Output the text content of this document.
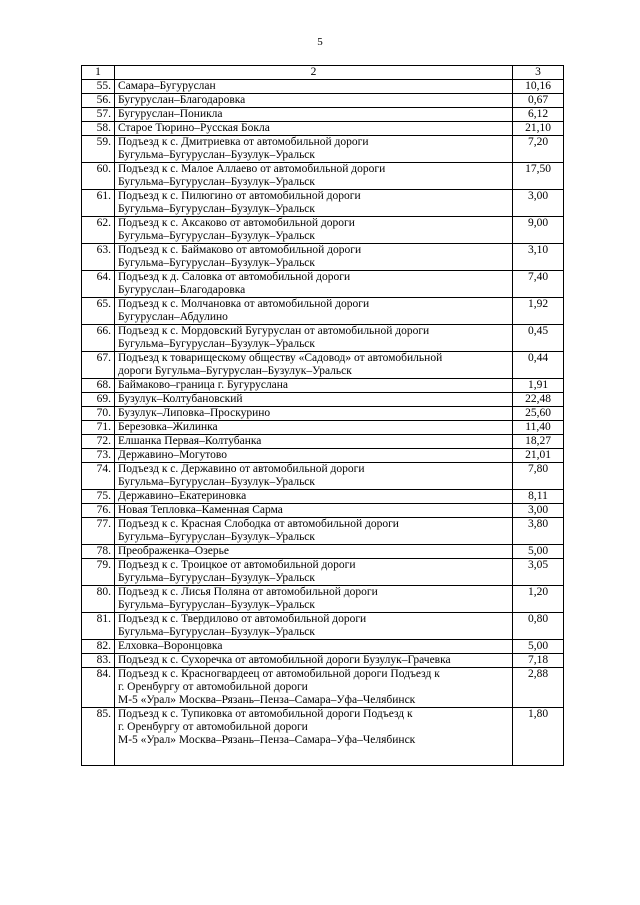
5
1	2	3
55.	Самара–Бугуруслан	10,16
56.	Бугуруслан–Благодаровка	0,67
57.	Бугуруслан–Поникла	6,12
58.	Старое Тюрино–Русская Бокла	21,10
59.	Подъезд к с. Дмитриевка от автомобильной дороги
Бугульма–Бугуруслан–Бузулук–Уральск	7,20
60.	Подъезд к с. Малое Аллаево от автомобильной дороги
Бугульма–Бугуруслан–Бузулук–Уральск	17,50
61.	Подъезд к с. Пилюгино от автомобильной дороги
Бугульма–Бугуруслан–Бузулук–Уральск	3,00
62.	Подъезд к с. Аксаково от автомобильной дороги
Бугульма–Бугуруслан–Бузулук–Уральск	9,00
63.	Подъезд к с. Баймаково от автомобильной дороги
Бугульма–Бугуруслан–Бузулук–Уральск	3,10
64.	Подъезд к д. Саловка от автомобильной дороги
Бугуруслан–Благодаровка	7,40
65.	Подъезд к с. Молчановка от автомобильной дороги
Бугуруслан–Абдулино	1,92
66.	Подъезд к с. Мордовский Бугуруслан от автомобильной дороги
Бугульма–Бугуруслан–Бузулук–Уральск	0,45
67.	Подъезд к товарищескому обществу «Садовод» от автомобильной
дороги Бугульма–Бугуруслан–Бузулук–Уральск	0,44
68.	Баймаково–граница г. Бугуруслана	1,91
69.	Бузулук–Колтубановский	22,48
70.	Бузулук–Липовка–Проскурино	25,60
71.	Березовка–Жилинка	11,40
72.	Елшанка Первая–Колтубанка	18,27
73.	Державино–Могутово	21,01
74.	Подъезд к с. Державино от автомобильной дороги
Бугульма–Бугуруслан–Бузулук–Уральск	7,80
75.	Державино–Екатериновка	8,11
76.	Новая Тепловка–Каменная Сарма	3,00
77.	Подъезд к с. Красная Слободка от автомобильной дороги
Бугульма–Бугуруслан–Бузулук–Уральск	3,80
78.	Преображенка–Озерье	5,00
79.	Подъезд к с. Троицкое от автомобильной дороги
Бугульма–Бугуруслан–Бузулук–Уральск	3,05
80.	Подъезд к с. Лисья Поляна от автомобильной дороги
Бугульма–Бугуруслан–Бузулук–Уральск	1,20
81.	Подъезд к с. Твердилово от автомобильной дороги
Бугульма–Бугуруслан–Бузулук–Уральск	0,80
82.	Елховка–Воронцовка	5,00
83.	Подъезд к с. Сухоречка от автомобильной дороги Бузулук–Грачевка	7,18
84.	Подъезд к с. Красногвардеец от автомобильной дороги Подъезд к
г. Оренбургу от автомобильной дороги
М-5 «Урал» Москва–Рязань–Пенза–Самара–Уфа–Челябинск	2,88
85.	Подъезд к с. Тупиковка от автомобильной дороги Подъезд к
г. Оренбургу от автомобильной дороги
М-5 «Урал» Москва–Рязань–Пенза–Самара–Уфа–Челябинск	1,80
